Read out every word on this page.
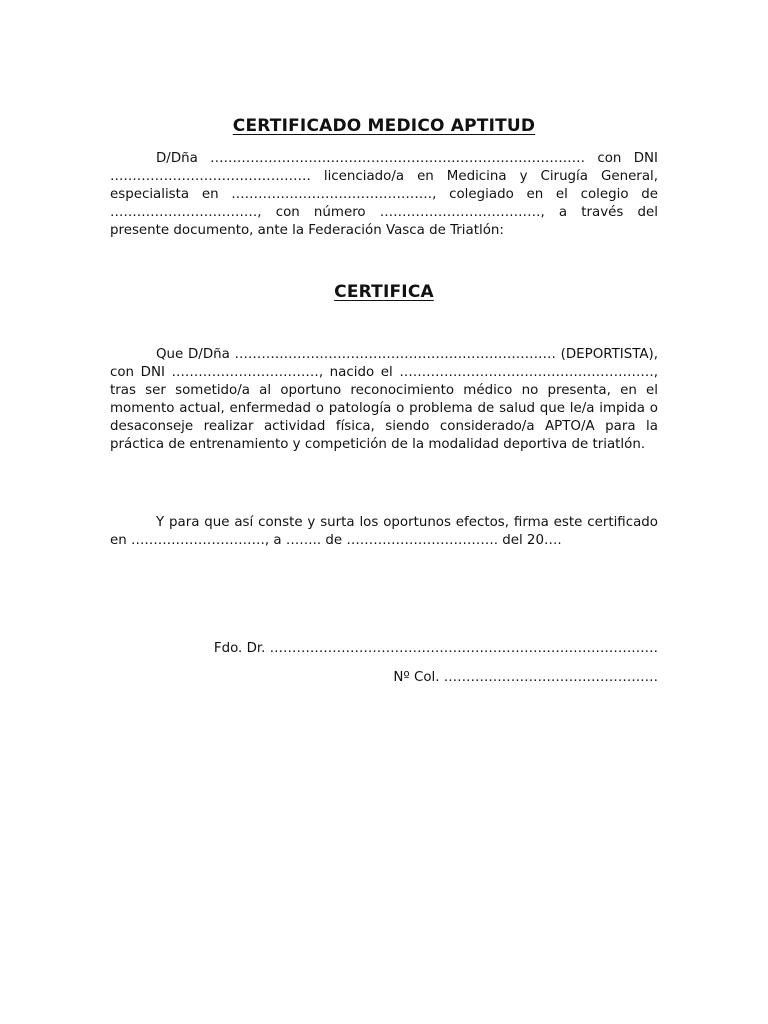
CERTIFICADO MEDICO APTITUD

D/Dña ………………………………………………………………………… con DNI ……………………………………… licenciado/a en Medicina y Cirugía General, especialista en ………………………………………, colegiado en el colegio de ……………………………, con número ………………………………, a través del presente documento, ante la Federación Vasca de Triatlón:

CERTIFICA

Que D/Dña ……………………………………………………………… (DEPORTISTA), con DNI ……………………………, nacido el …………………………………………………, tras ser sometido/a al oportuno reconocimiento médico no presenta, en el momento actual, enfermedad o patología o problema de salud que le/a impida o desaconseje realizar actividad física, siendo considerado/a APTO/A para la práctica de entrenamiento y competición de la modalidad deportiva de triatlón.

Y para que así conste y surta los oportunos efectos, firma este certificado en …………………………, a …….. de ……………………………. del 20….

Fdo. Dr. ……………………………………………………………………………
Nº Col. …………………………………………
